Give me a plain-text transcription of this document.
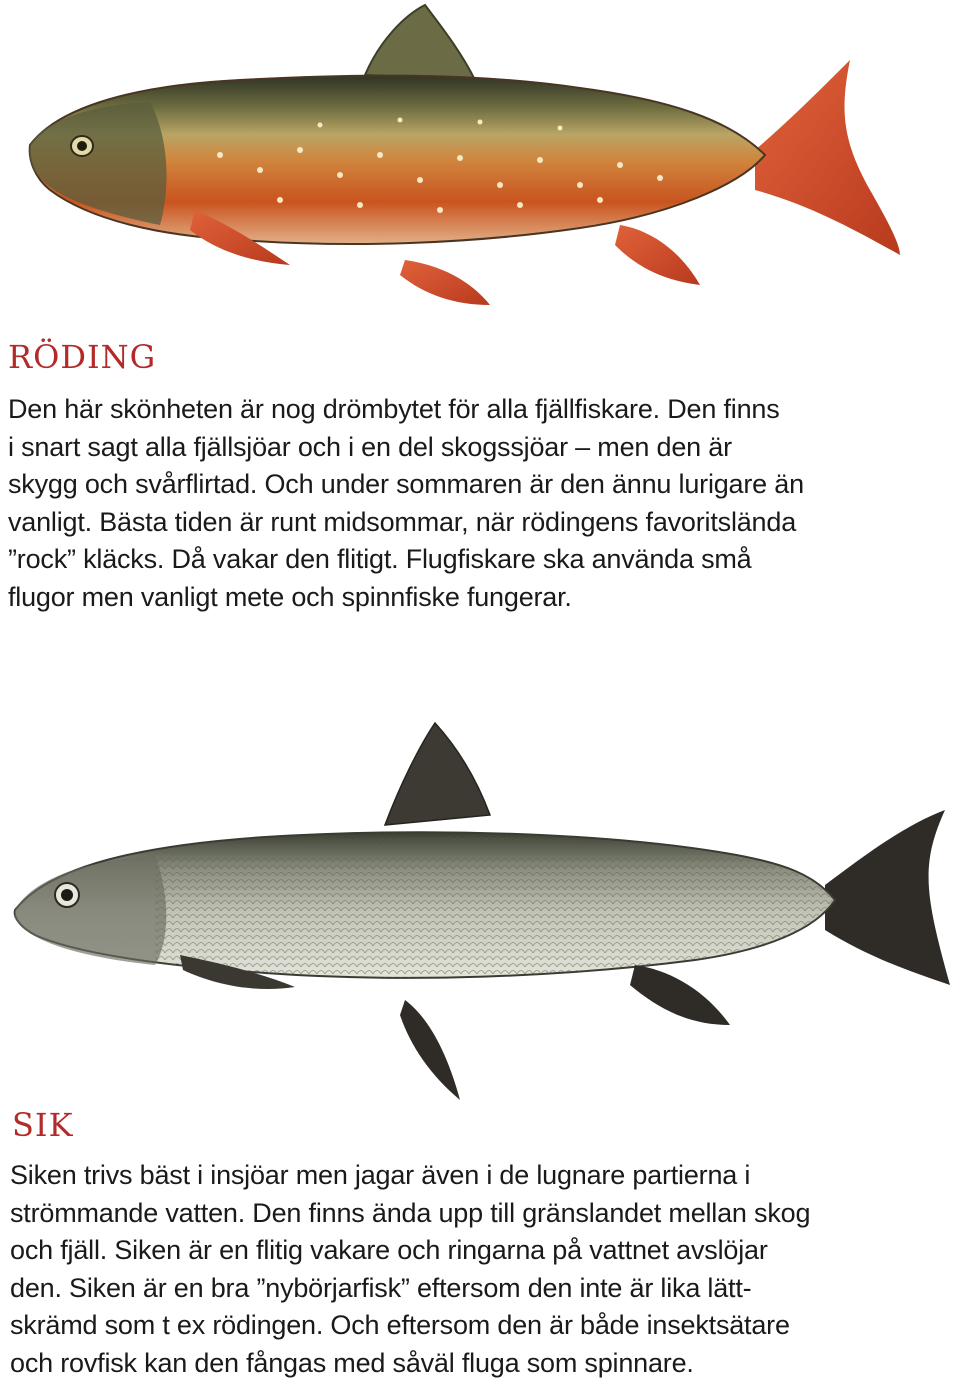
RÖDING

Den här skönheten är nog drömbytet för alla fjällfiskare. Den finns
i snart sagt alla fjällsjöar och i en del skogssjöar – men den är
skygg och svårflirtad. Och under sommaren är den ännu lurigare än
vanligt. Bästa tiden är runt midsommar, när rödingens favoritslända
”rock” kläcks. Då vakar den flitigt. Flugfiskare ska använda små
flugor men vanligt mete och spinnfiske fungerar.

SIK

Siken trivs bäst i insjöar men jagar även i de lugnare partierna i
strömmande vatten. Den finns ända upp till gränslandet mellan skog
och fjäll. Siken är en flitig vakare och ringarna på vattnet avslöjar
den. Siken är en bra ”nybörjarfisk” eftersom den inte är lika lätt-
skrämd som t ex rödingen. Och eftersom den är både insektsätare
och rovfisk kan den fångas med såväl fluga som spinnare.
